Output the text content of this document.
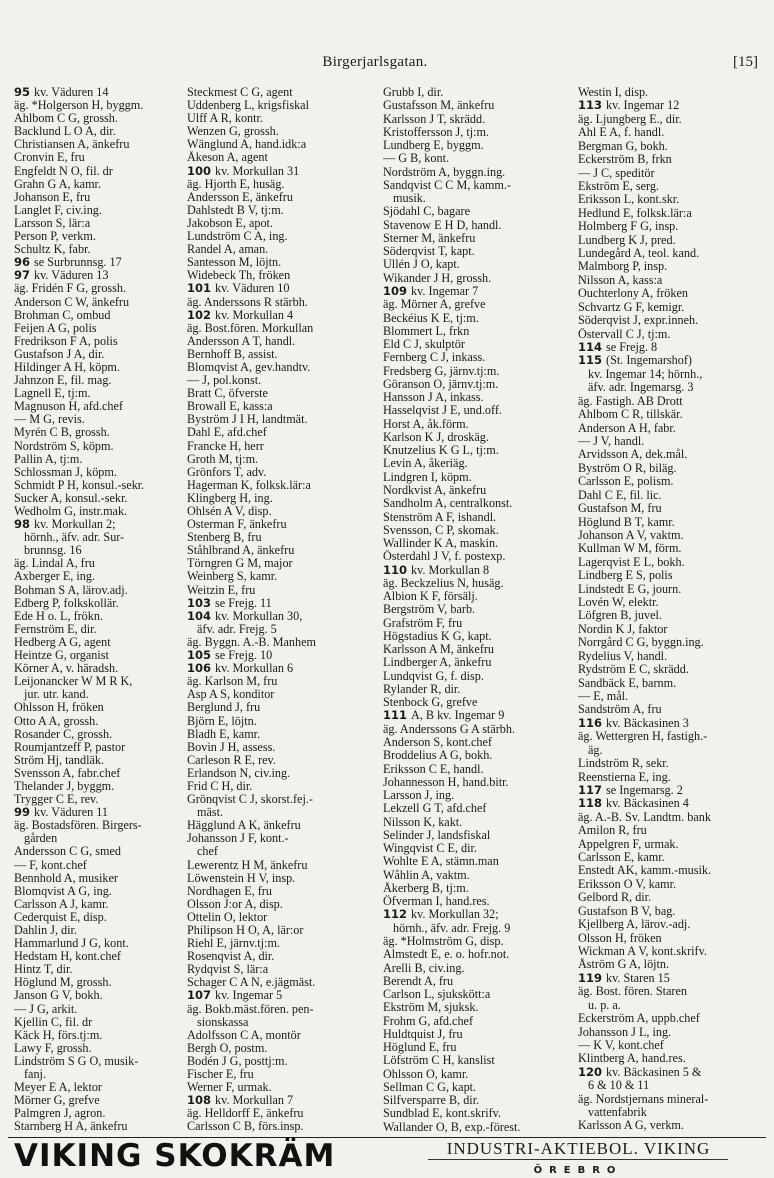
Birgerjarlsgatan.	[15]
95 kv. Väduren 14
äg. *Holgerson H, byggm.
Ahlbom C G, grossh.
Backlund L O A, dir.
Christiansen A, änkefru
Cronvin E, fru
Engfeldt N O, fil. dr
Grahn G A, kamr.
Johanson E, fru
Langlet F, civ.ing.
Larsson S, lär:a
Person P, verkm.
Schultz K, fabr.
96 se Surbrunnsg. 17
97 kv. Väduren 13
äg. Fridén F G, grossh.
Anderson C W, änkefru
Brohman C, ombud
Feijen A G, polis
Fredrikson F A, polis
Gustafson J A, dir.
Hildinger A H, köpm.
Jahnzon E, fil. mag.
Lagnell E, tj:m.
Magnuson H, afd.chef
— M G, revis.
Myrén C B, grossh.
Nordström S, köpm.
Pallin A, tj:m.
Schlossman J, köpm.
Schmidt P H, konsul.-sekr.
Sucker A, konsul.-sekr.
Wedholm G, instr.mak.
98 kv. Morkullan 2;
hörnh., äfv. adr. Sur-
brunnsg. 16
äg. Lindal A, fru
Axberger E, ing.
Bohman S A, lärov.adj.
Edberg P, folkskollär.
Ede H o. L, frökn.
Fernström E, dir.
Hedberg A G, agent
Heintze G, organist
Körner A, v. häradsh.
Leijonancker W M R K,
jur. utr. kand.
Ohlsson H, fröken
Otto A A, grossh.
Rosander C, grossh.
Roumjantzeff P, pastor
Ström Hj, tandläk.
Svensson A, fabr.chef
Thelander J, byggm.
Trygger C E, rev.
99 kv. Väduren 11
äg. Bostadsfören. Birgers-
gården
Andersson C G, smed
— F, kont.chef
Bennhold A, musiker
Blomqvist A G, ing.
Carlsson A J, kamr.
Cederquist E, disp.
Dahlin J, dir.
Hammarlund J G, kont.
Hedstam H, kont.chef
Hintz T, dir.
Höglund M, grossh.
Janson G V, bokh.
— J G, arkit.
Kjellin C, fil. dr
Käck H, förs.tj:m.
Lawy F, grossh.
Lindström S G O, musik-
fanj.
Meyer E A, lektor
Mörner G, grefve
Palmgren J, agron.
Starnberg H A, änkefru
Steckmest C G, agent
Uddenberg L, krigsfiskal
Ulff A R, kontr.
Wenzen G, grossh.
Wänglund A, hand.idk:a
Åkeson A, agent
100 kv. Morkullan 31
äg. Hjorth E, husäg.
Andersson E, änkefru
Dahlstedt B V, tj:m.
Jakobson E, apot.
Lundström C A, ing.
Randel A, aman.
Santesson M, löjtn.
Widebeck Th, fröken
101 kv. Väduren 10
äg. Anderssons R stärbh.
102 kv. Morkullan 4
äg. Bost.fören. Morkullan
Andersson A T, handl.
Bernhoff B, assist.
Blomqvist A, gev.handtv.
— J, pol.konst.
Bratt C, öfverste
Browall E, kass:a
Byström J I H, landtmät.
Dahl E, afd.chef
Francke H, herr
Groth M, tj:m.
Grönfors T, adv.
Hagerman K, folksk.lär:a
Klingberg H, ing.
Ohlsén A V, disp.
Osterman F, änkefru
Stenberg B, fru
Ståhlbrand A, änkefru
Törngren G M, major
Weinberg S, kamr.
Weitzin E, fru
103 se Frejg. 11
104 kv. Morkullan 30,
äfv. adr. Frejg. 5
äg. Byggn. A.-B. Manhem
105 se Frejg. 10
106 kv. Morkullan 6
äg. Karlson M, fru
Asp A S, konditor
Berglund J, fru
Björn E, löjtn.
Bladh E, kamr.
Bovin J H, assess.
Carleson R E, rev.
Erlandson N, civ.ing.
Frid C H, dir.
Grönqvist C J, skorst.fej.-
mäst.
Hägglund A K, änkefru
Johansson J F, kont.-
chef
Lewerentz H M, änkefru
Löwenstein H V, insp.
Nordhagen E, fru
Olsson J:or A, disp.
Ottelin O, lektor
Philipson H O, A, lär:or
Riehl E, järnv.tj:m.
Rosenqvist A, dir.
Rydqvist S, lär:a
Schager C A N, e.jägmäst.
107 kv. Ingemar 5
äg. Bokb.mäst.fören. pen-
sionskassa
Adolfsson C A, montör
Bergh O, postm.
Bodén J G, posttj:m.
Fischer E, fru
Werner F, urmak.
108 kv. Morkullan 7
äg. Helldorff E, änkefru
Carlsson C B, förs.insp.
Grubb I, dir.
Gustafsson M, änkefru
Karlsson J T, skrädd.
Kristoffersson J, tj:m.
Lundberg E, byggm.
— G B, kont.
Nordström A, byggn.ing.
Sandqvist C C M, kamm.-
musik.
Sjödahl C, bagare
Stavenow E H D, handl.
Sterner M, änkefru
Söderqvist T, kapt.
Ullén J O, kapt.
Wikander J H, grossh.
109 kv. Ingemar 7
äg. Mörner A, grefve
Beckéius K E, tj:m.
Blommert L, frkn
Eld C J, skulptör
Fernberg C J, inkass.
Fredsberg G, järnv.tj:m.
Göranson O, järnv.tj:m.
Hansson J A, inkass.
Hasselqvist J E, und.off.
Horst A, åk.förm.
Karlson K J, droskäg.
Knutzelius K G L, tj:m.
Levin A, åkeriäg.
Lindgren I, köpm.
Nordkvist A, änkefru
Sandholm A, centralkonst.
Stenström A F, ishandl.
Svensson, C P, skomak.
Wallinder K A, maskin.
Österdahl J V, f. postexp.
110 kv. Morkullan 8
äg. Beckzelius N, husäg.
Albion K F, försälj.
Bergström V, barb.
Grafström F, fru
Högstadius K G, kapt.
Karlsson A M, änkefru
Lindberger A, änkefru
Lundqvist G, f. disp.
Rylander R, dir.
Stenbock G, grefve
111 A, B kv. Ingemar 9
äg. Anderssons G A stärbh.
Anderson S, kont.chef
Broddelius A G, bokh.
Eriksson C E, handl.
Johannesson H, hand.bitr.
Larsson J, ing.
Lekzell G T, afd.chef
Nilsson K, kakt.
Selinder J, landsfiskal
Wingqvist C E, dir.
Wohlte E A, stämn.man
Wåhlin A, vaktm.
Åkerberg B, tj:m.
Öfverman I, hand.res.
112 kv. Morkullan 32;
hörnh., äfv. adr. Frejg. 9
äg. *Holmström G, disp.
Almstedt E, e. o. hofr.not.
Arelli B, civ.ing.
Berendt A, fru
Carlson L, sjukskött:a
Ekström M, sjuksk.
Frohm G, afd.chef
Huldtquist J, fru
Höglund E, fru
Löfström C H, kanslist
Ohlsson O, kamr.
Sellman C G, kapt.
Silfversparre B, dir.
Sundblad E, kont.skrifv.
Wallander O, B, exp.-förest.
Westin I, disp.
113 kv. Ingemar 12
äg. Ljungberg E., dir.
Ahl E A, f. handl.
Bergman G, bokh.
Eckerström B, frkn
— J C, speditör
Ekström E, serg.
Eriksson L, kont.skr.
Hedlund E, folksk.lär:a
Holmberg F G, insp.
Lundberg K J, pred.
Lundegård A, teol. kand.
Malmborg P, insp.
Nilsson A, kass:a
Ouchterlony A, fröken
Schvartz G F, kemigr.
Söderqvist J, expr.inneh.
Östervall C J, tj:m.
114 se Frejg. 8
115 (St. Ingemarshof)
kv. Ingemar 14; hörnh.,
äfv. adr. Ingemarsg. 3
äg. Fastigh. AB Drott
Ahlbom C R, tillskär.
Anderson A H, fabr.
— J V, handl.
Arvidsson A, dek.mål.
Byström O R, biläg.
Carlsson E, polism.
Dahl C E, fil. lic.
Gustafson M, fru
Höglund B T, kamr.
Johanson A V, vaktm.
Kullman W M, förm.
Lagerqvist E L, bokh.
Lindberg E S, polis
Lindstedt E G, journ.
Lovén W, elektr.
Löfgren B, juvel.
Nordin K J, faktor
Norrgård C G, byggn.ing.
Rydelius V, handl.
Rydström E C, skrädd.
Sandbäck E, barnm.
— E, mål.
Sandström A, fru
116 kv. Bäckasinen 3
äg. Wettergren H, fastigh.-
äg.
Lindström R, sekr.
Reenstierna E, ing.
117 se Ingemarsg. 2
118 kv. Bäckasinen 4
äg. A.-B. Sv. Landtm. bank
Amilon R, fru
Appelgren F, urmak.
Carlsson E, kamr.
Enstedt AK, kamm.-musik.
Eriksson O V, kamr.
Gelbord R, dir.
Gustafson B V, bag.
Kjellberg A, lärov.-adj.
Olsson H, fröken
Wickman A V, kont.skrifv.
Åström G A, löjtn.
119 kv. Staren 15
äg. Bost. fören. Staren
u. p. a.
Eckerström A, uppb.chef
Johansson J L, ing.
— K V, kont.chef
Klintberg A, hand.res.
120 kv. Bäckasinen 5 &
6 & 10 & 11
äg. Nordstjernans mineral-
vattenfabrik
Karlsson A G, verkm.
VIKING SKOKRÄM	INDUSTRI-AKTIEBOL. VIKING
ÖREBRO
